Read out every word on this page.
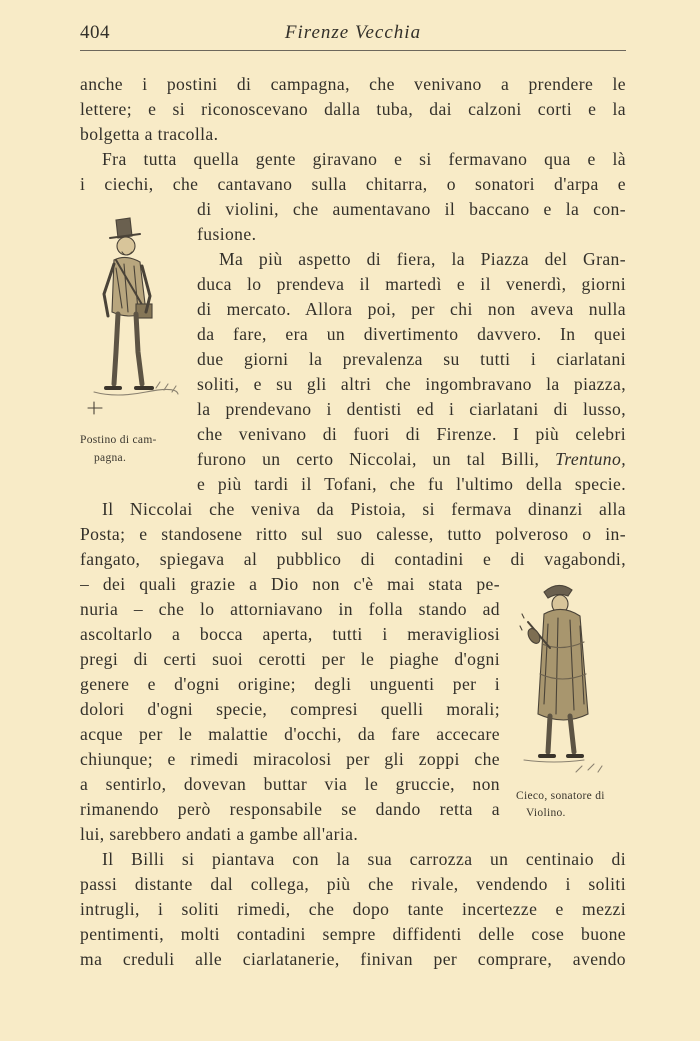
404	Firenze Vecchia
anche i postini di campagna, che venivano a prendere le
lettere; e si riconoscevano dalla tuba, dai calzoni corti e la
bolgetta a tracolla.
Fra tutta quella gente giravano e si fermavano qua e là
i ciechi, che cantavano sulla chitarra, o sonatori d'arpa e
di violini, che aumentavano il baccano e la con-
fusione.
Ma più aspetto di fiera, la Piazza del Gran-
duca lo prendeva il martedì e il venerdì, giorni
di mercato. Allora poi, per chi non aveva nulla
da fare, era un divertimento davvero. In quei
due giorni la prevalenza su tutti i ciarlatani
soliti, e su gli altri che ingombravano la piazza,
la prendevano i dentisti ed i ciarlatani di lusso,
che venivano di fuori di Firenze. I più celebri
furono un certo Niccolai, un tal Billi, Trentuno,
e più tardi il Tofani, che fu l'ultimo della specie.
Il Niccolai che veniva da Pistoia, si fermava dinanzi alla
Posta; e standosene ritto sul suo calesse, tutto polveroso o in-
fangato, spiegava al pubblico di contadini e di vagabondi,
– dei quali grazie a Dio non c'è mai stata pe-
nuria – che lo attorniavano in folla stando ad
ascoltarlo a bocca aperta, tutti i meravigliosi
pregi di certi suoi cerotti per le piaghe d'ogni
genere e d'ogni origine; degli unguenti per i
dolori d'ogni specie, compresi quelli morali;
acque per le malattie d'occhi, da fare accecare
chiunque; e rimedi miracolosi per gli zoppi che
a sentirlo, dovevan buttar via le gruccie, non
rimanendo però responsabile se dando retta a
lui, sarebbero andati a gambe all'aria.
Il Billi si piantava con la sua carrozza un centinaio di
passi distante dal collega, più che rivale, vendendo i soliti
intrugli, i soliti rimedi, che dopo tante incertezze e mezzi
pentimenti, molti contadini sempre diffidenti delle cose buone
ma creduli alle ciarlatanerie, finivan per comprare, avendo
Postino di cam-
pagna.
Cieco, sonatore di
Violino.
